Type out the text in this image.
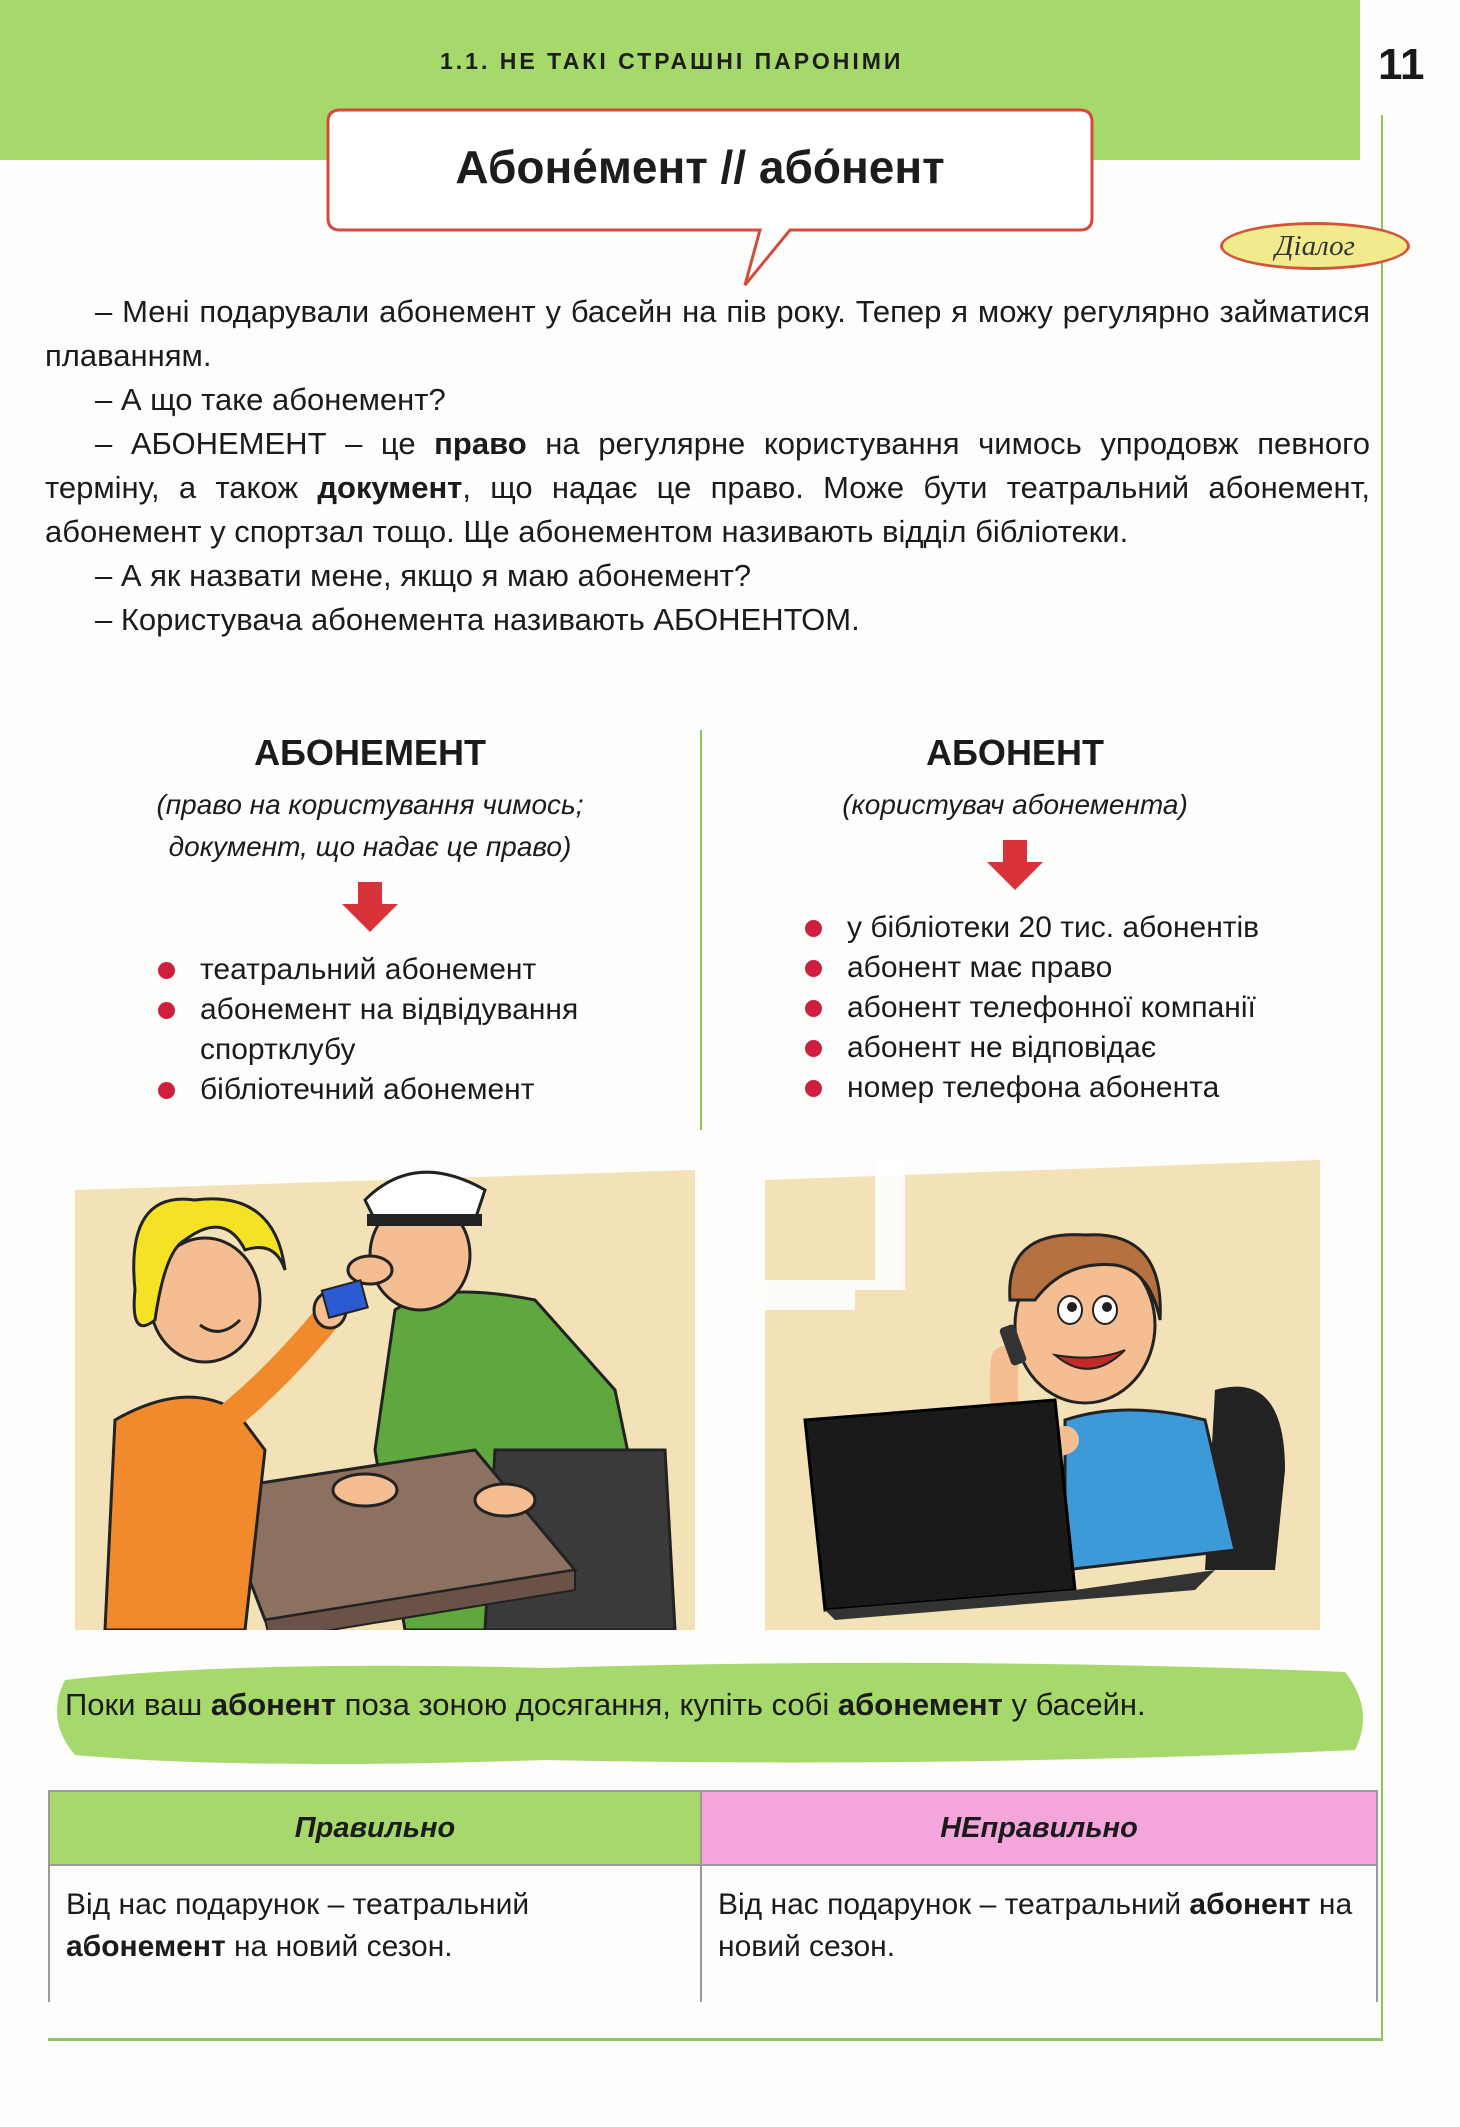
1.1. НЕ ТАКІ СТРАШНІ ПАРОНІМИ	11
Абоне́мент // або́нент
Діалог

– Мені подарували абонемент у басейн на пів року. Тепер я можу регулярно займатися плаванням.

– А що таке абонемент?

– АБОНЕМЕНТ – це право на регулярне користування чимось упродовж певного терміну, а також документ, що надає це право. Може бути театральний абонемент, абонемент у спортзал тощо. Ще абонементом називають відділ бібліотеки.

– А як назвати мене, якщо я маю абонемент?

– Користувача абонемента називають АБОНЕНТОМ.

АБОНЕМЕНТ

(право на користування чимось;
документ, що надає це право)

театральний абонемент
абонемент на відвідування спортклубу
бібліотечний абонемент
АБОНЕНТ

(користувач абонемента)

у бібліотеки 20 тис. абонентів
абонент має право
абонент телефонної компанії
абонент не відповідає
номер телефона абонента
Поки ваш абонент поза зоною досягання, купіть собі абонемент у басейн.
Правильно	НЕправильно
Від нас подарунок – театральний абонемент на новий сезон.	Від нас подарунок – театральний абонент на новий сезон.
